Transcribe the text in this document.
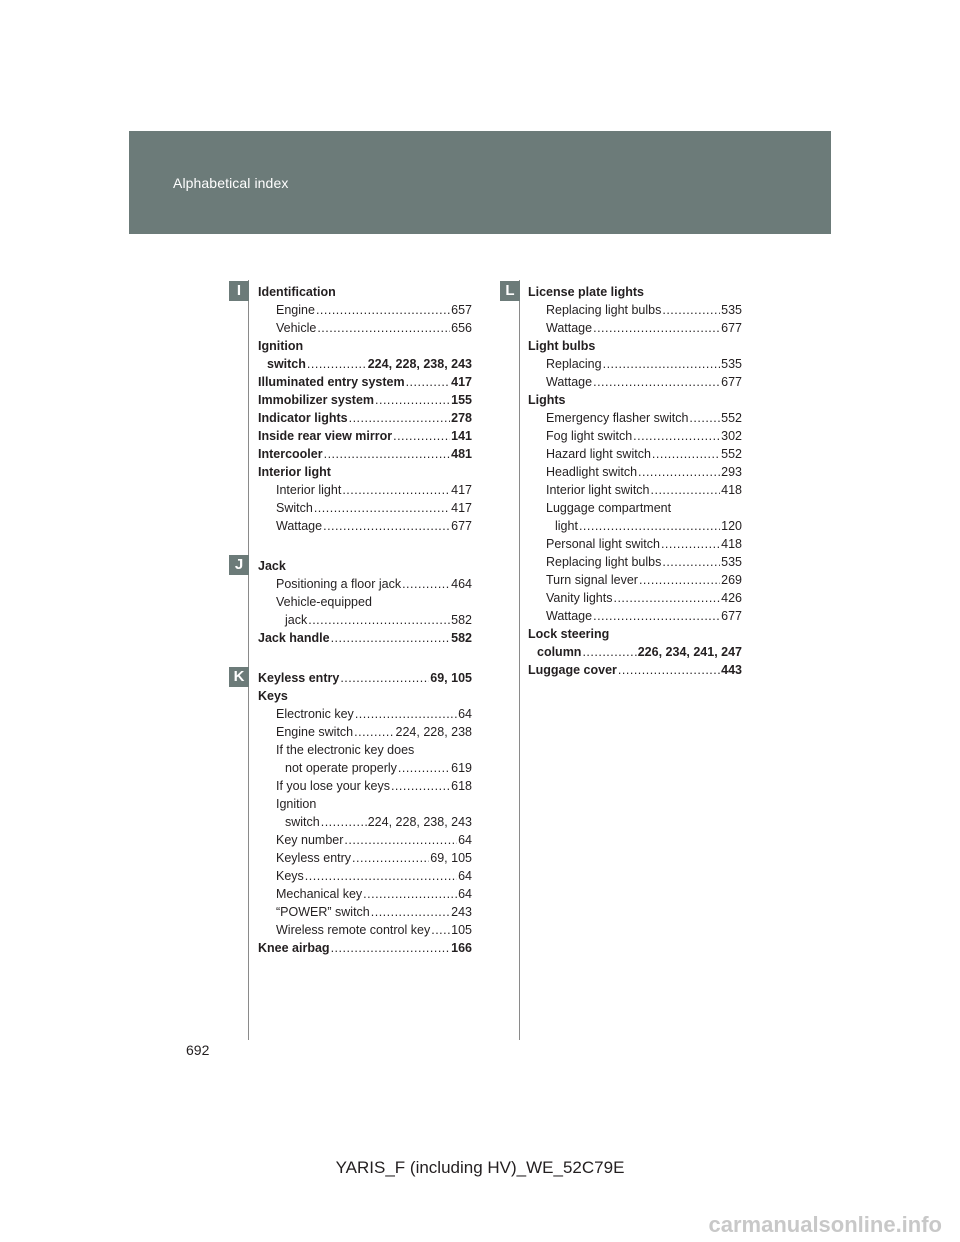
Alphabetical index
I
J
K
L
Identification
Engine .....	657
Vehicle .....	656
Ignition
switch .....	224, 228, 238, 243
Illuminated entry system .....	417
Immobilizer system .....	155
Indicator lights .....	278
Inside rear view mirror .....	141
Intercooler .....	481
Interior light
Interior light .....	417
Switch .....	417
Wattage .....	677
Jack
Positioning a floor jack .....	464
Vehicle-equipped
jack .....	582
Jack handle .....	582
Keyless entry .....	69, 105
Keys
Electronic key .....	64
Engine switch .....	224, 228, 238
If the electronic key does
not operate properly .....	619
If you lose your keys .....	618
Ignition
switch .....	224, 228, 238, 243
Key number .....	64
Keyless entry .....	69, 105
Keys .....	64
Mechanical key .....	64
“POWER” switch .....	243
Wireless remote control key ..... 105
Knee airbag .....	166
License plate lights
Replacing light bulbs .....	535
Wattage .....	677
Light bulbs
Replacing .....	535
Wattage .....	677
Lights
Emergency flasher switch .....	552
Fog light switch .....	302
Hazard light switch .....	552
Headlight switch .....	293
Interior light switch .....	418
Luggage compartment
light .....	120
Personal light switch .....	418
Replacing light bulbs .....	535
Turn signal lever .....	269
Vanity lights .....	426
Wattage .....	677
Lock steering
column .....	226, 234, 241, 247
Luggage cover .....	443
692
YARIS_F (including HV)_WE_52C79E
carmanualsonline.info
